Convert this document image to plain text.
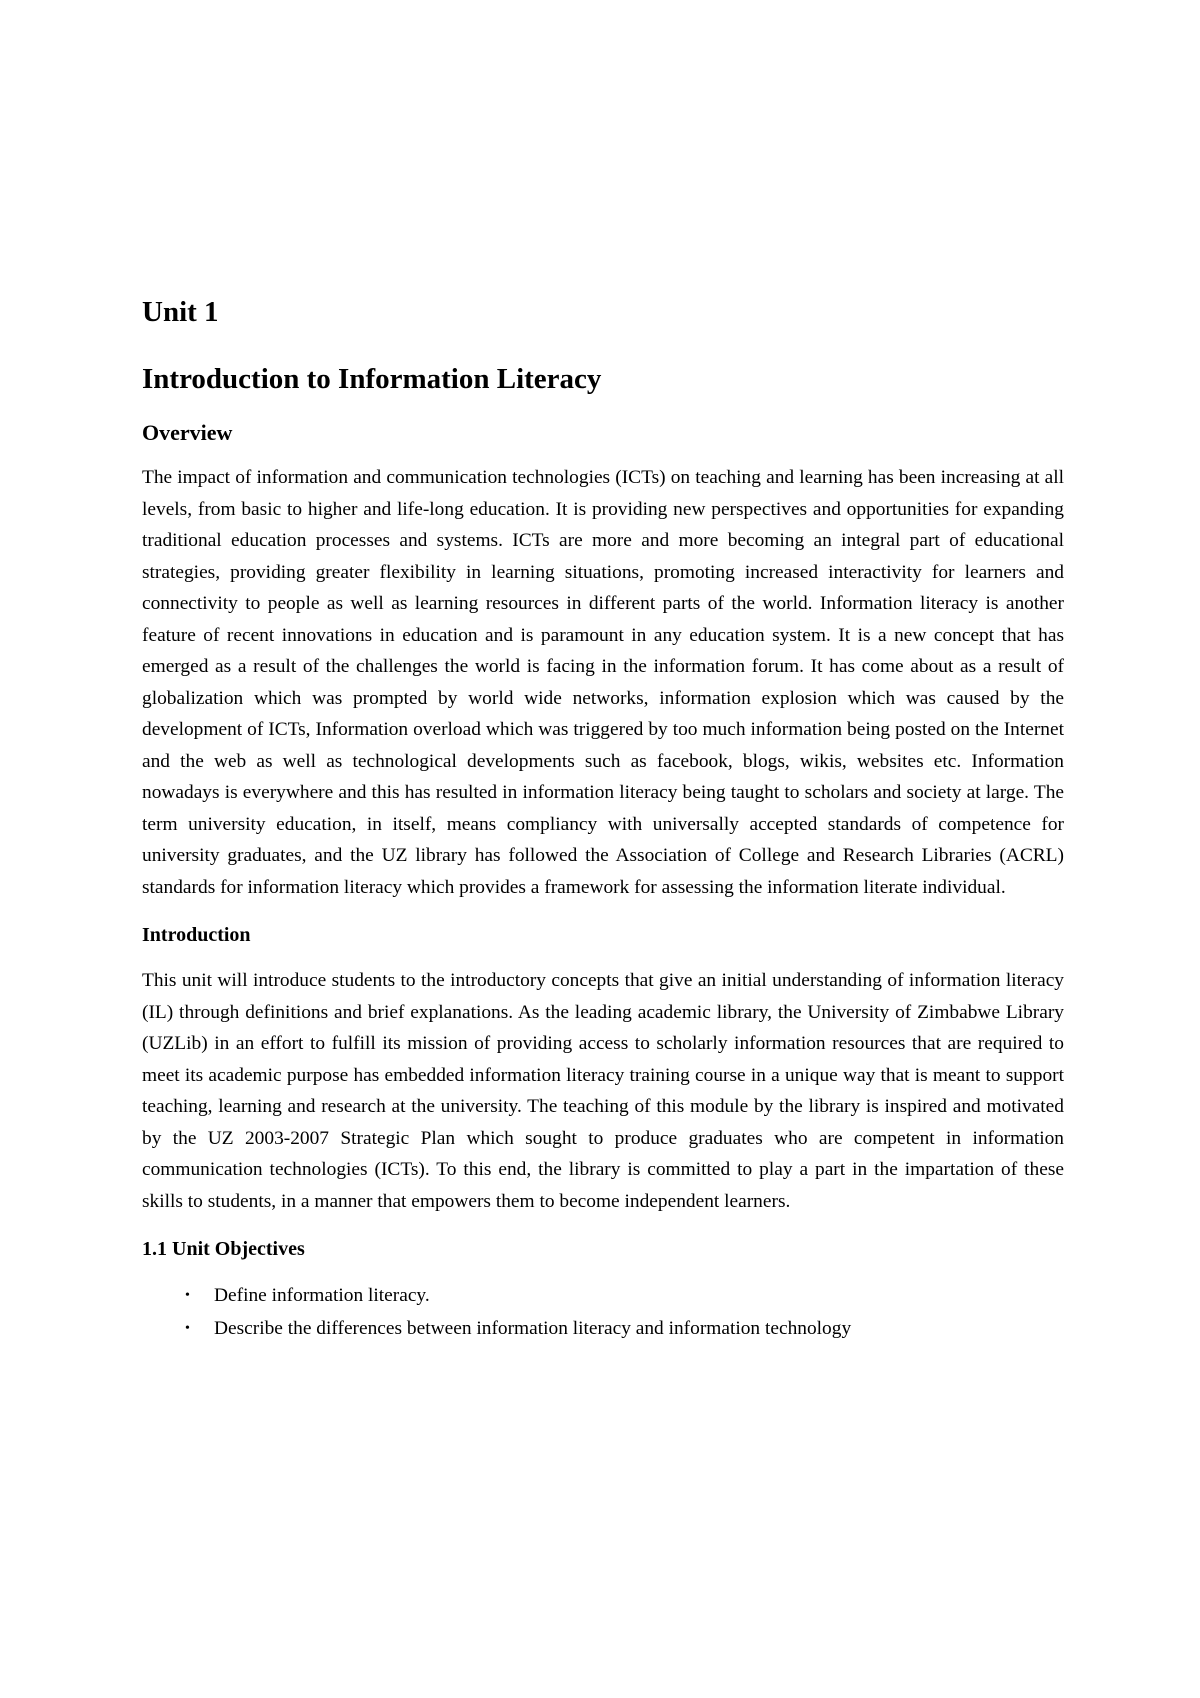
Unit 1
Introduction to Information Literacy
Overview

The impact of information and communication technologies (ICTs) on teaching and learning has been increasing at all levels, from basic to higher and life-long education. It is providing new perspectives and opportunities for expanding traditional education processes and systems. ICTs are more and more becoming an integral part of educational strategies, providing greater flexibility in learning situations, promoting increased interactivity for learners and connectivity to people as well as learning resources in different parts of the world. Information literacy is another feature of recent innovations in education and is paramount in any education system. It is a new concept that has emerged as a result of the challenges the world is facing in the information forum. It has come about as a result of globalization which was prompted by world wide networks, information explosion which was caused by the development of ICTs, Information overload which was triggered by too much information being posted on the Internet and the web as well as technological developments such as facebook, blogs, wikis, websites etc. Information nowadays is everywhere and this has resulted in information literacy being taught to scholars and society at large. The term university education, in itself, means compliancy with universally accepted standards of competence for university graduates, and the UZ library has followed the Association of College and Research Libraries (ACRL) standards for information literacy which provides a framework for assessing the information literate individual.

Introduction

This unit will introduce students to the introductory concepts that give an initial understanding of information literacy (IL) through definitions and brief explanations. As the leading academic library, the University of Zimbabwe Library (UZLib) in an effort to fulfill its mission of providing access to scholarly information resources that are required to meet its academic purpose has embedded information literacy training course in a unique way that is meant to support teaching, learning and research at the university. The teaching of this module by the library is inspired and motivated by the UZ 2003-2007 Strategic Plan which sought to produce graduates who are competent in information communication technologies (ICTs). To this end, the library is committed to play a part in the impartation of these skills to students, in a manner that empowers them to become independent learners.

1.1 Unit Objectives
• Define information literacy.
• Describe the differences between information literacy and information technology
